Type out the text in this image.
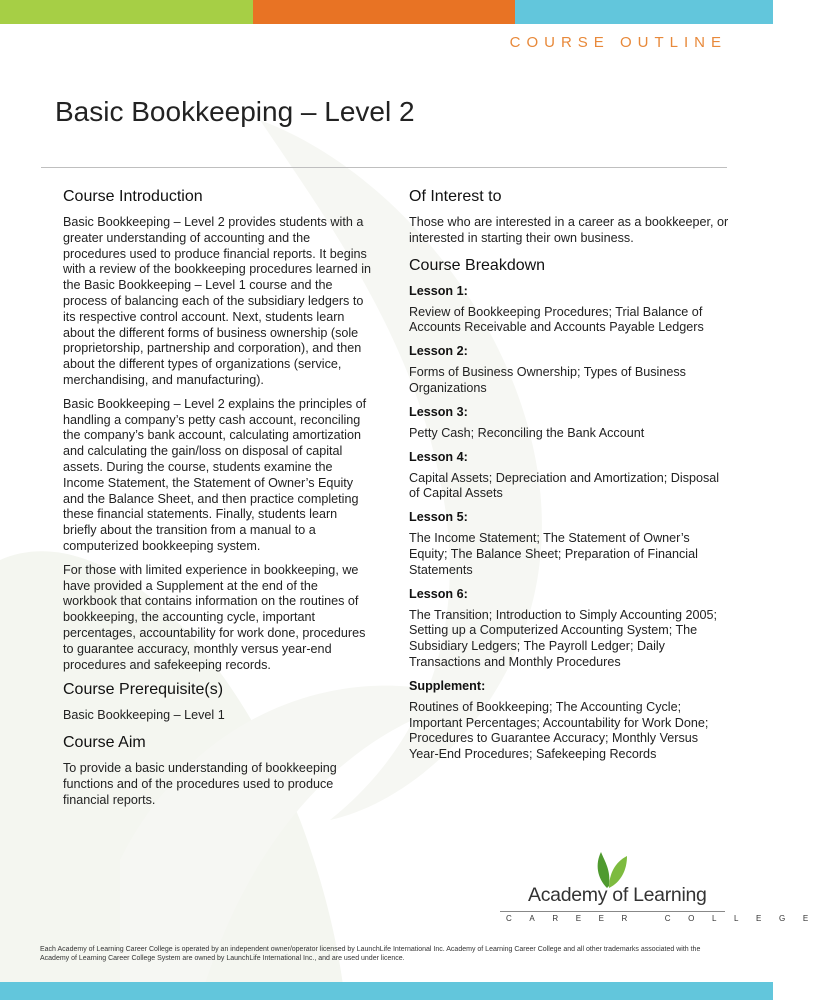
COURSE OUTLINE
Basic Bookkeeping – Level 2
Course Introduction

Basic Bookkeeping – Level 2 provides students with a greater understanding of accounting and the procedures used to produce financial reports. It begins with a review of the bookkeeping procedures learned in the Basic Bookkeeping – Level 1 course and the process of balancing each of the subsidiary ledgers to its respective control account. Next, students learn about the different forms of business ownership (sole proprietorship, partnership and corporation), and then about the different types of organizations (service, merchandising, and manufacturing).

Basic Bookkeeping – Level 2 explains the principles of handling a company’s petty cash account, reconciling the company’s bank account, calculating amortization and calculating the gain/loss on disposal of capital assets. During the course, students examine the Income Statement, the Statement of Owner’s Equity and the Balance Sheet, and then practice completing these financial statements. Finally, students learn briefly about the transition from a manual to a computerized bookkeeping system.

For those with limited experience in bookkeeping, we have provided a Supplement at the end of the workbook that contains information on the routines of bookkeeping, the accounting cycle, important percentages, accountability for work done, procedures to guarantee accuracy, monthly versus year-end procedures and safekeeping records.

Course Prerequisite(s)

Basic Bookkeeping – Level 1

Course Aim

To provide a basic understanding of bookkeeping functions and of the procedures used to produce financial reports.

Of Interest to

Those who are interested in a career as a bookkeeper, or interested in starting their own business.

Course Breakdown
Lesson 1:

Review of Bookkeeping Procedures; Trial Balance of Accounts Receivable and Accounts Payable Ledgers

Lesson 2:

Forms of Business Ownership; Types of Business Organizations

Lesson 3:

Petty Cash; Reconciling the Bank Account

Lesson 4:

Capital Assets; Depreciation and Amortization; Disposal of Capital Assets

Lesson 5:

The Income Statement; The Statement of Owner’s Equity; The Balance Sheet; Preparation of Financial Statements

Lesson 6:

The Transition; Introduction to Simply Accounting 2005; Setting up a Computerized Accounting System; The Subsidiary Ledgers; The Payroll Ledger; Daily Transactions and Monthly Procedures

Supplement:

Routines of Bookkeeping; The Accounting Cycle; Important Percentages; Accountability for Work Done; Procedures to Guarantee Accuracy; Monthly Versus Year-End Procedures; Safekeeping Records

Academy of Learning
CAREER COLLEGE
Each Academy of Learning Career College is operated by an independent owner/operator licensed by LaunchLife International Inc. Academy of Learning Career College and all other trademarks associated with the Academy of Learning Career College System are owned by LaunchLife International Inc., and are used under licence.
